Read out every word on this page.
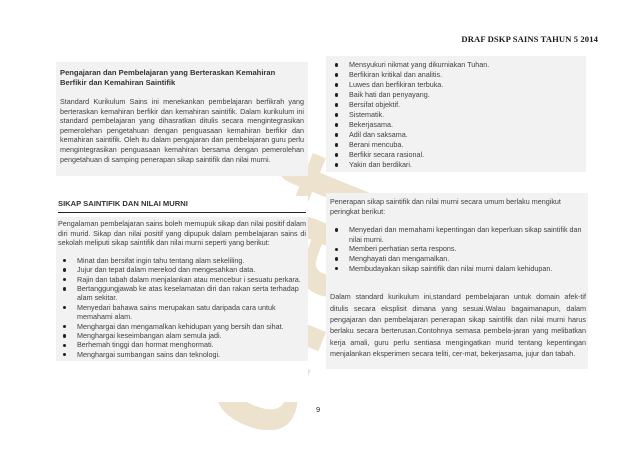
DRAF DSKP SAINS TAHUN 5 2014
Pengajaran dan Pembelajaran yang Berteraskan Kemahiran
Berfikir dan Kemahiran Saintifik
Standard Kurikulum Sains ini menekankan pembelajaran berfikrah yang berteraskan kemahiran berfikir dan kemahiran saintifik. Dalam kurikulum ini standard pembelajaran yang dihasratkan ditulis secara mengintegrasikan pemerolehan pengetahuan dengan penguasaan kemahiran berfikir dan kemahiran saintifik. Oleh itu dalam pengajaran dan pembelajaran guru perlu mengintegrasikan penguasaan kemahiran bersama dengan pemerolehan pengetahuan di samping penerapan sikap saintifik dan nilai murni.
Mensyukuri nikmat yang dikurniakan Tuhan.
Berfikiran kritikal dan analitis.
Luwes dan berfikiran terbuka.
Baik hati dan penyayang.
Bersifat objektif.
Sistematik.
Bekerjasama.
Adil dan saksama.
Berani mencuba.
Berfikir secara rasional.
Yakin dan berdikari.
SIKAP SAINTIFIK DAN NILAI MURNI
Pengalaman pembelajaran sains boleh memupuk sikap dan nilai positif dalam diri murid. Sikap dan nilai positif yang dipupuk dalam pembelajaran sains di sekolah meliputi sikap saintifik dan nilai murni seperti yang berikut:
Minat dan bersifat ingin tahu tentang alam sekeliling.
Jujur dan tepat dalam merekod dan mengesahkan data.
Rajin dan tabah dalam menjalankan atau mencebur i sesuatu perkara.
Bertanggungjawab ke atas keselamatan diri dan rakan serta terhadap alam sekitar.
Menyedari bahawa sains merupakan satu daripada cara untuk memahami alam.
Menghargai dan mengamalkan kehidupan yang bersih dan sihat.
Menghargai keseimbangan alam semula jadi.
Berhemah tinggi dan hormat menghormati.
Menghargai sumbangan sains dan teknologi.
Penerapan sikap saintifik dan nilai murni secara umum berlaku mengikut peringkat berikut:
Menyedari dan memahami kepentingan dan keperluan sikap saintifik dan nilai murni.
Memberi perhatian serta respons.
Menghayati dan mengamalkan.
Membudayakan sikap saintifik dan nilai murni dalam kehidupan.
Dalam standard kurikulum ini,standard pembelajaran untuk domain afek-tif ditulis secara eksplisit dimana yang sesuai.Walau bagaimanapun, dalam pengajaran dan pembelajaran penerapan sikap saintifik dan nilai murni harus berlaku secara berterusan.Contohnya semasa pembela-jaran yang melibatkan kerja amali, guru perlu sentiasa mengingatkan murid tentang kepentingan menjalankan eksperimen secara teliti, cer-mat, bekerjasama, jujur dan tabah.
9
